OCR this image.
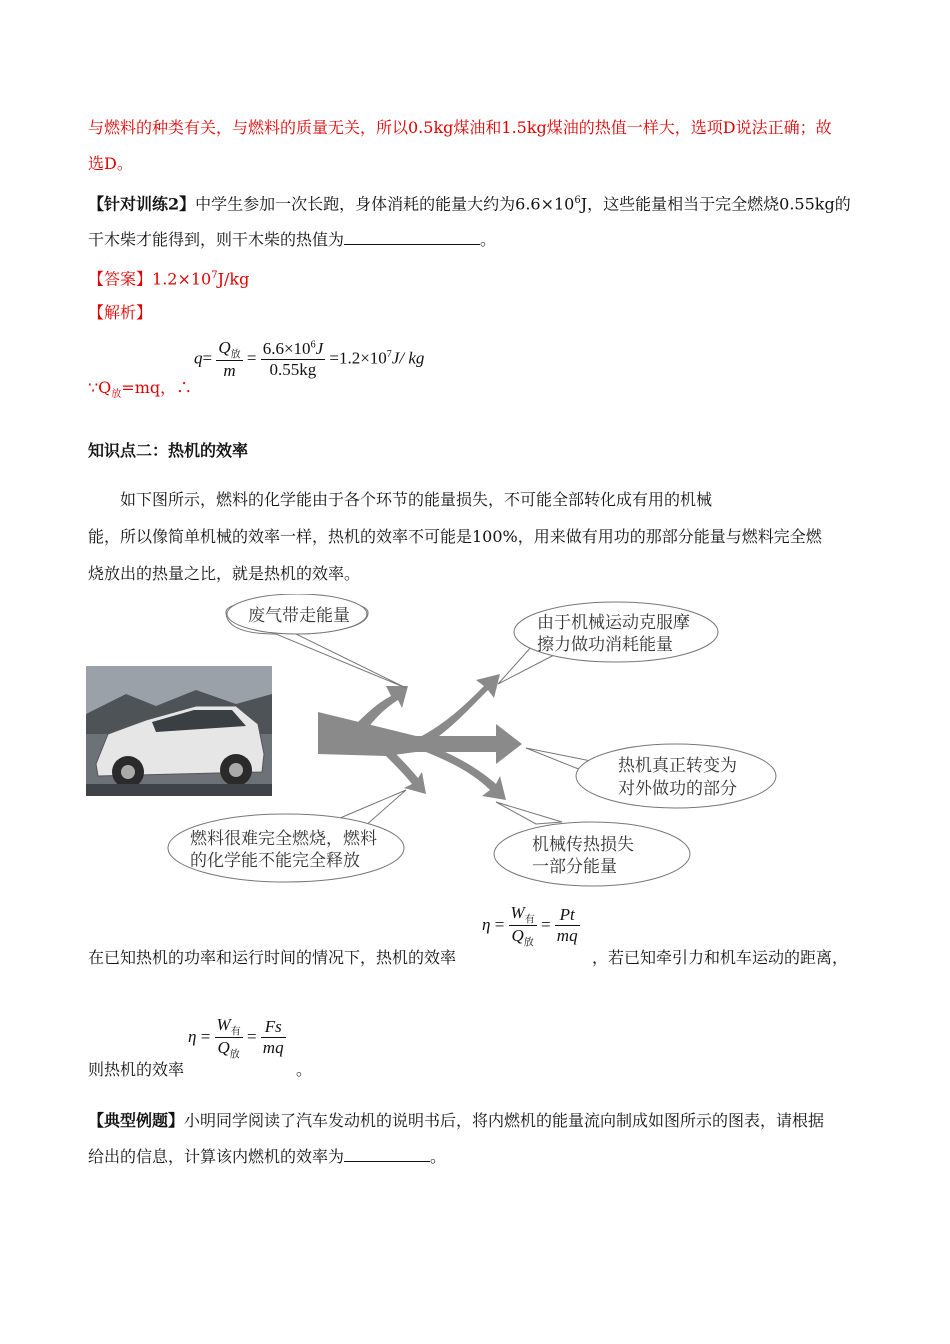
与燃料的种类有关，与燃料的质量无关，所以0.5kg煤油和1.5kg煤油的热值一样大，选项D说法正确；故
选D。
【针对训练2】中学生参加一次长跑，身体消耗的能量大约为$6.6\times 10^6J$，这些能量相当于完全燃烧0.55kg的
干木柴才能得到，则干木柴的热值为	。
【答案】$1.2\times 10^7J/kg$
【解析】
$\because Q_放=mq$，∴
$q= \frac{Q_放}{m} = \frac{6.6\times 10^6J}{0.55kg} =1.2\times 10^7J/$ kg
知识点二：热机的效率
如下图所示，燃料的化学能由于各个环节的能量损失，不可能全部转化成有用的机械
能，所以像简单机械的效率一样，热机的效率不可能是100%，用来做有用功的那部分能量与燃料完全燃
烧放出的热量之比，就是热机的效率。
废气带走能量	由于机械运动克服摩
擦力做功消耗能量
热机真正转变为
对外做功的部分
燃料很难完全燃烧，燃料
的化学能不能完全释放
机械传热损失
一部分能量
在已知热机的功率和运行时间的情况下，热机的效率
$\eta = \frac{W_有}{Q_放} = \frac{Pt}{mq}$
，若已知牵引力和机车运动的距离，
则热机的效率
$\eta = \frac{W_有}{Q_放} = \frac{Fs}{mq}$
。
【典型例题】小明同学阅读了汽车发动机的说明书后，将内燃机的能量流向制成如图所示的图表，请根据
给出的信息，计算该内燃机的效率为	。
